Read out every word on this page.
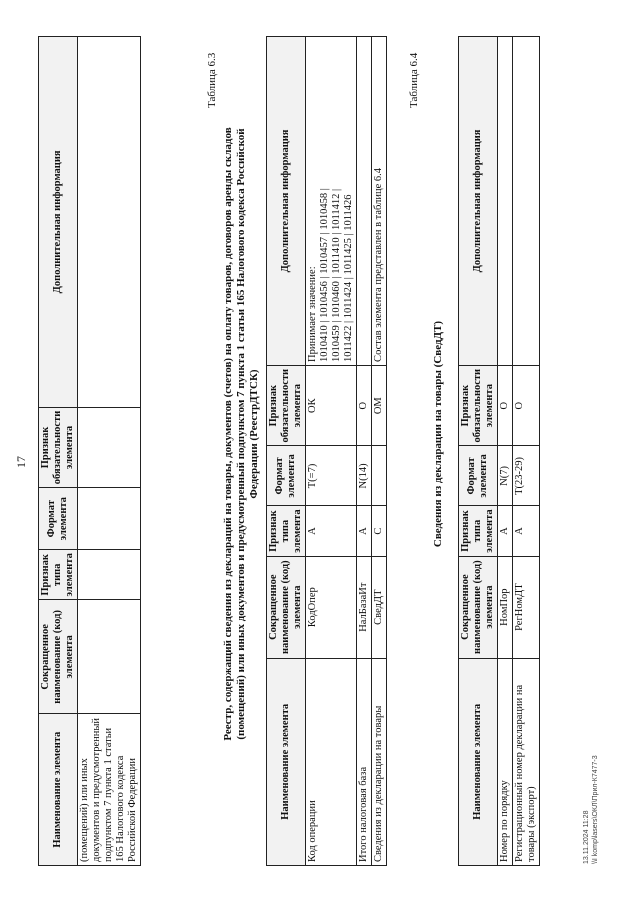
Наименование элемента	Сокращенное наименование (код) элемента	Признак типа элемента	Формат элемента	Признак обязательности элемента	Дополнительная информация
(помещений) или иных документов и предусмотренный подпунктом 7 пункта 1 статьи 165 Налогового кодекса Российской Федерации					
17
Таблица 6.3
Реестр, содержащий сведения из деклараций на товары, документов (счетов) на оплату товаров, договоров аренды складов (помещений) или иных документов и предусмотренный подпунктом 7 пункта 1 статьи 165 Налогового кодекса Российской Федерации (РеестрДТСК)
Наименование элемента	Сокращенное наименование (код) элемента	Признак типа элемента	Формат элемента	Признак обязательности элемента	Дополнительная информация
Код операции	КодОпер	А	T(=7)	ОК	Принимает значение: 1010410 | 1010456 | 1010457 | 1010458 | 1010459 | 1010460 | 1011410 | 1011412 | 1011422 | 1011424 | 1011425 | 1011426

Итого налоговая база	НалБазаИт	А	N(14)	О	
Сведения из декларации на товары	СведДТ	С		ОМ	Состав элемента представлен в таблице 6.4
Таблица 6.4
Сведения из декларации на товары (СведДТ)
Наименование элемента	Сокращенное наименование (код) элемента	Признак типа элемента	Формат элемента	Признак обязательности элемента	Дополнительная информация
Номер по порядку	НомПор	А	N(7)	О	
Регистрационный номер декларации на товары (экспорт)	РегНомДТ	А	T(23-29)	О	
13.11.2024 11:28 \\I komp\lasers\ОКЛ\Прил-К7477-3
